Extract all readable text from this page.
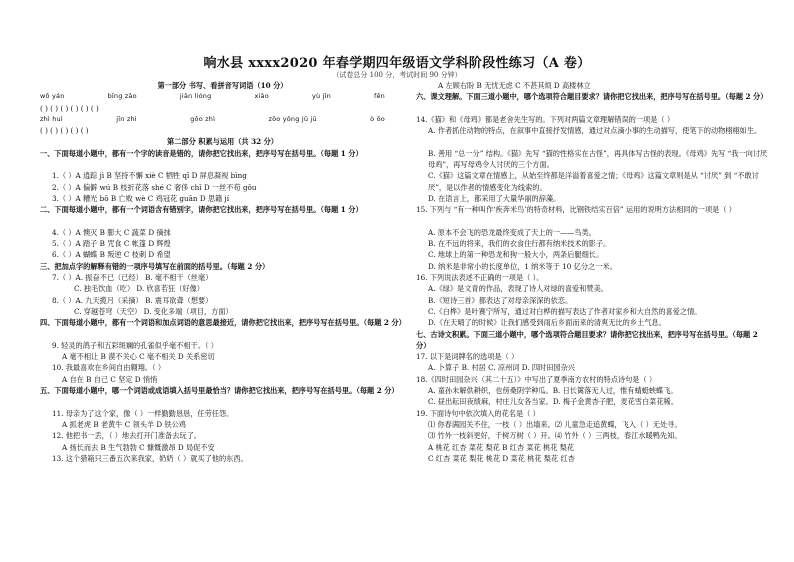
响水县 xxxx2020 年春学期四年级语文学科阶段性练习（A 卷）
（试卷总分 100 分，考试时间 90 分钟）
第一部分 书写、看拼音写词语（10 分）
wō yán	bīng zāo	jiān lióng	xiǎo	yù jǐn	fēn
( ) ( ) ( ) ( ) ( ) ( )
zhì huì	jīn zhì	gǒo zhì	zōo yōng jū jū	ò ōo
( ) ( ) ( ) ( ) ( )
第二部分 积累与运用（共 32 分）
一、下面每道小题中，都有一个字的读音是错的，请你把它找出来，把序号写在括号里。（每题 1 分）
1.（ ）A 逍踪 jì B 坚持不懈 xiè C 牺牲 qī D 屏息凝视 bìng
2.（ ）A 偏僻 wú B 枝折花落 shé C 奢侈 chǐ D 一丝不苟 gǒu
3.（ ）A 糟光 bō B 亡败 wè C 鸡冠花 guān D 思籍 jí
二、下面每道小题中，都有一个词语含有错别字，请你把它找出来，把序号写在括号里。（每题 1 分）
4.（ ）A 懊灭 B 膨大 C 蔬菜 D 摘抹
5.（ ）A 踏子 B 咒食 C 帐篷 D 辉煌
6.（ ）A 蝴蝶 B 叛逆 C 枝刺 D 希望
三、把加点字的解释有错的一项序号填写在前面的括号里。（每题 2 分）
7.（ ）A. 振奋不已（已经） B. 毫不相干（丝毫）
C. 独毛饮血（吃） D. 欣喜若狂（好像）
8.（ ）A. 九天揽月（采摘） B. 震耳欲聋（想要）
C. 穿越苍穹（天空） D. 变化多端（项目，方面）
四、下面每道小题中，都有一个词语和加点词语的意思最接近，请你把它找出来，把序号写在括号里。（每题 2 分）
9. 轻灵的鸽子和五彩斑斓的孔雀似乎毫不相干。（ ）
A 毫不相让 B 漠不关心 C 毫不相关 D 关系密切
10. 我最喜欢在乡间自由翱翔。（ ）
A 自在 B 自己 C 坚定 D 悄悄
五、下面每道小题中，哪一个词语或成语填入括号里最恰当？请你把它找出来，把序号写在括号里。（每题 2 分）
11. 母亲为了这个家，像（ ）一样勤勤恳恳，任劳任怨。
A 抓老虎 B 老黄牛 C 领头羊 D 铁公鸡
12. 他把书一丢，（ ）地去打开门准备去玩了。
A 扬长而去 B 生气勃勃 C 慷慨激昂 D 局促不安
13. 这个猎箱只三番五次来我家，奶奶（ ）就买了他的东西。
A 左顾右盼 B 无忧无虑 C 不甚其烦 D 高楼林立
六、课文理解。下面三道小题中，哪个选项符合题目要求？请你把它找出来，把序号写在括号里。（每题 2 分）
14.《猫》和《母鸡》都是老舍先生写的。下列对两篇文章理解错误的一项是（ ）
A. 作者抓住动物的特点，在叙事中直接抒发情感，通过对点滴小事的生动描写，使笔下的动物栩栩如生。
B. 善用 “总一分” 结构。《猫》先写 “猫的性格实在古怪”，再具体写古怪的表现。《母鸡》先写 “我一向讨厌母鸡”，再写母鸡令人讨厌的三个方面。
C.《猫》这篇文章在情感上，从始至终都是洋溢着喜爱之情；《母鸡》这篇文章则是从 “讨厌” 到 “不敢讨厌”，是以作者的情感变化为线索的。
D. 在语言上，都采用了大量华丽的辞藻。
15. 下列与 “有一种叫作‘疾奔米鸟’的特奇材料，比钢铁结实百倍” 运用的说明方法相同的一项是（ ）
A. 原本不会飞的恐龙最终变成了天上的一——鸟类。
B. 在不远的将来，我们的衣食住行都有纳米技术的影子。
C. 地球上的第一种恐龙和狗一般大小，两条后腿细长。
D. 纳米是非常小的长度单位，1 纳米等于 10 亿分之一米。
16. 下列说法表述不正确的一项是（ ）。
A.《绿》是文青的作品，表现了诗人对绿的喜爱和赞美。
B.《短诗三首》都表达了对母亲深深的依恋。
C.《白桦》是叶赛宁所写，通过对白桦的描写表达了作者对家乡和大自然的喜爱之情。
D.《在天晴了的时候》让我们感受到雨后乡面而来的清爽无比的乡土气息。
七、古诗文积累。下面三道小题中，哪个选项符合题目要求？请你把它找出来，把序号写在括号里。（每题 2 分）
17. 以下是词牌名的选项是（ ）
A. 卜算子 B. 村居 C. 凉州词 D. 四时田园杂兴
18.《四时田园杂兴（其二十五）》中写出了夏季南方农村的特点诗句是（ ）
A. 童孙未解供耕织，也傍桑阴学种瓜。B. 日长篱落无人过，惟有蜻蜓蛱蝶飞。
C. 昼出耘田夜绩麻，村庄儿女各当家。D. 梅子金黄杏子肥，麦花雪白菜花稀。
19. 下面诗句中依次填入的花名是（ ）
⑴ 你春满园关不住，一枝（ ）出墙来。⑵ 儿童急走追黄蝶，飞入（ ）无处寻。
⑶ 竹外一枝斜更好，千树万树（ ）开。⑷ 竹外（ ）三两枝，春江水暖鸭先知。
A 桃花 红杏 菜花 梨花 B 红杏 菜花 桃花 梨花
C 红杏 菜花 梨花 桃花 D 菜花 桃花 梨花 红杏
